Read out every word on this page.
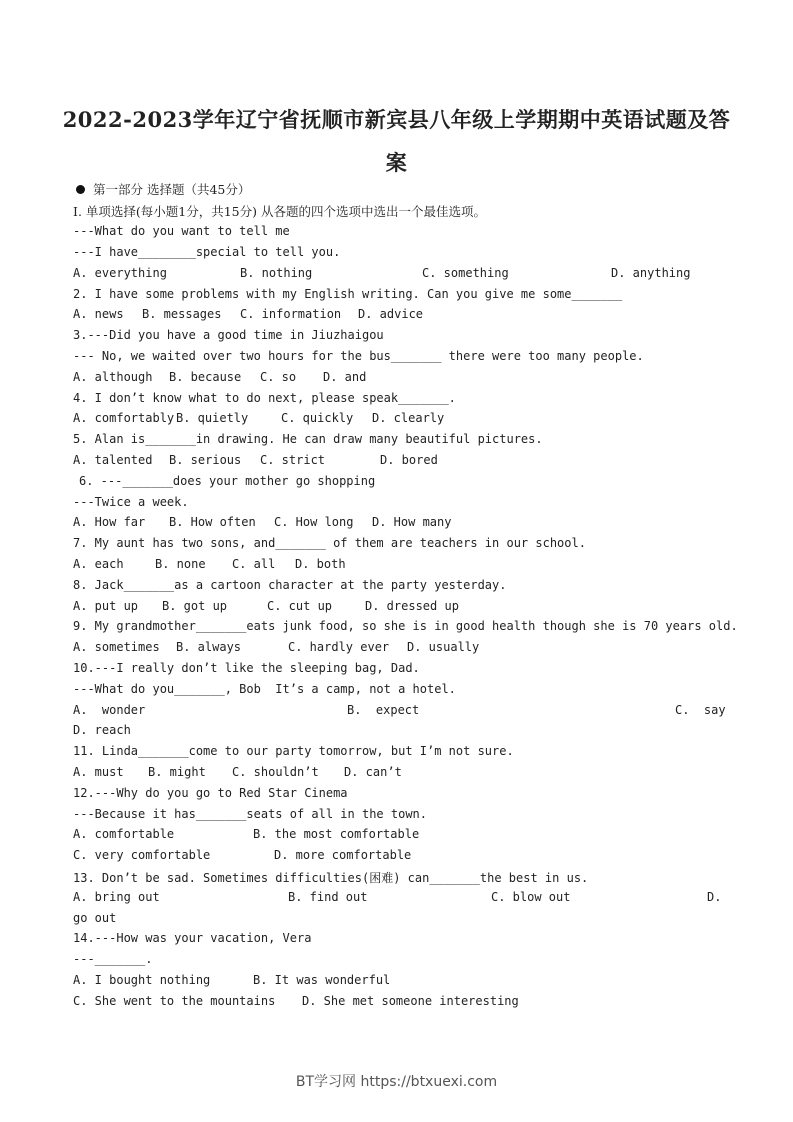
2022-2023学年辽宁省抚顺市新宾县八年级上学期期中英语试题及答
案
第一部分 选择题（共45分）
Ⅰ. 单项选择(每小题1分，共15分) 从各题的四个选项中选出一个最佳选项。
---What do you want to tell me
---I have________special to tell you.
A. everything	B. nothing	C. something	D. anything
2. I have some problems with my English writing. Can you give me some_______
A. news B. messages C. information D. advice
3.---Did you have a good time in Jiuzhaigou
--- No, we waited over two hours for the bus_______ there were too many people.
A. although B. because C. so D. and
4. I don’t know what to do next, please speak_______.
A. comfortably B. quietly	C. quickly D. clearly
5. Alan is_______in drawing. He can draw many beautiful pictures.
A. talented B. serious C. strict	D. bored
6. ---_______does your mother go shopping
---Twice a week.
A. How far B. How often C. How long D. How many
7. My aunt has two sons, and_______ of them are teachers in our school.
A. each	B. none C. all D. both
8. Jack_______as a cartoon character at the party yesterday.
A. put up B. got up	C. cut up	D. dressed up
9. My grandmother_______eats junk food, so she is in good health though she is 70 years old.
A. sometimes B. always	C. hardly ever D. usually
10.---I really don’t like the sleeping bag, Dad.
---What do you_______, Bob  It’s a camp, not a hotel.
A.  wonder	B.  expect	C.  say
D. reach
11. Linda_______come to our party tomorrow, but I’m not sure.
A. must B. might C. shouldn’t D. can’t
12.---Why do you go to Red Star Cinema
---Because it has_______seats of all in the town.
A. comfortable	B. the most comfortable
C. very comfortable	D. more comfortable
13. Don’t be sad. Sometimes difficulties(困难) can_______the best in us.
A. bring out	B. find out	C. blow out	D.
go out
14.---How was your vacation, Vera
---_______.
A. I bought nothing	B. It was wonderful
C. She went to the mountains D. She met someone interesting
BT学习网 https://btxuexi.com
